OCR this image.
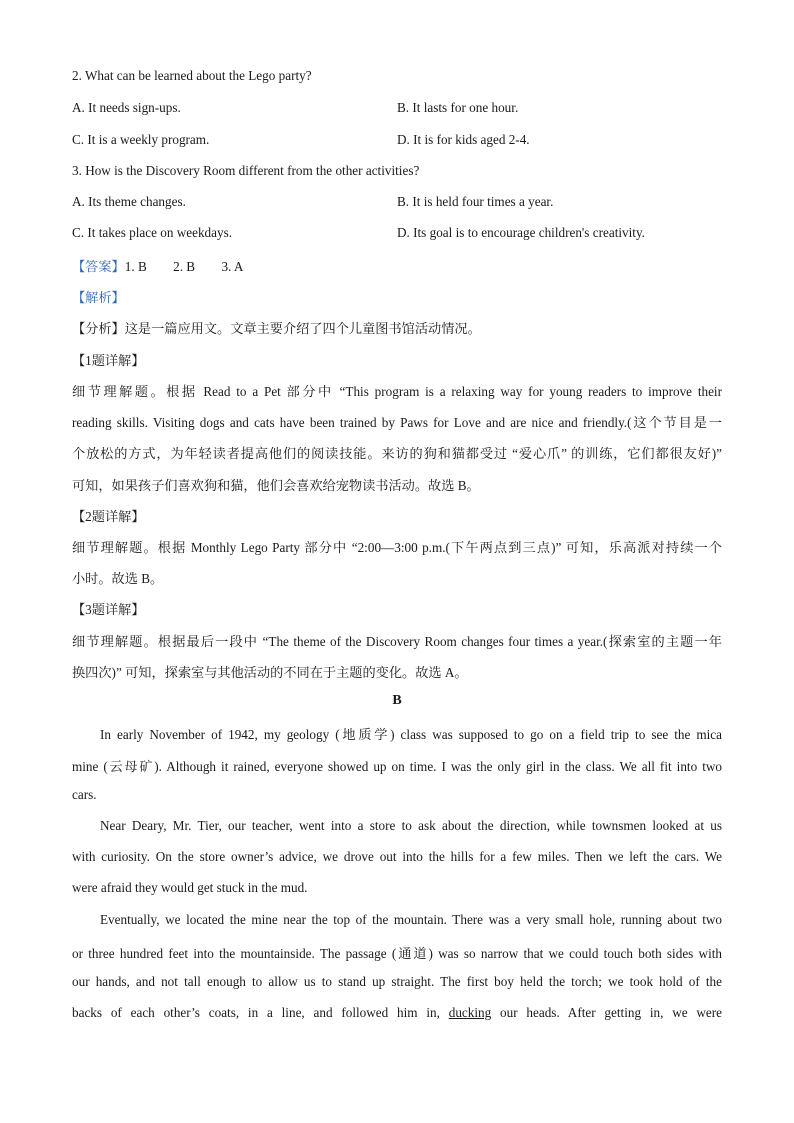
2. What can be learned about the Lego party?
A. It needs sign-ups.	B. It lasts for one hour.
C. It is a weekly program.	D. It is for kids aged 2-4.
3. How is the Discovery Room different from the other activities?
A. Its theme changes.	B. It is held four times a year.
C. It takes place on weekdays.	D. Its goal is to encourage children's creativity.
【答案】1. B        2. B        3. A
【解析】
【分析】这是一篇应用文。文章主要介绍了四个儿童图书馆活动情况。
【1题详解】
细节理解题。根据 Read to a Pet 部分中 “This program is a relaxing way for young readers to improve their
reading skills. Visiting dogs and cats have been trained by Paws for Love and are nice and friendly.(这个节目是一
个放松的方式，为年轻读者提高他们的阅读技能。来访的狗和猫都受过 “爱心爪” 的训练，它们都很友好)”
可知，如果孩子们喜欢狗和猫，他们会喜欢给宠物读书活动。故选 B。
【2题详解】
细节理解题。根据 Monthly Lego Party 部分中 “2:00—3:00 p.m.(下午两点到三点)” 可知，乐高派对持续一个
小时。故选 B。
【3题详解】
细节理解题。根据最后一段中 “The theme of the Discovery Room changes four times a year.(探索室的主题一年
换四次)” 可知，探索室与其他活动的不同在于主题的变化。故选 A。
B
In early November of 1942, my geology (地质学) class was supposed to go on a field trip to see the mica
mine (云母矿). Although it rained, everyone showed up on time. I was the only girl in the class. We all fit into two
cars.
Near Deary, Mr. Tier, our teacher, went into a store to ask about the direction, while townsmen looked at us
with curiosity. On the store owner’s advice, we drove out into the hills for a few miles. Then we left the cars. We
were afraid they would get stuck in the mud.
Eventually, we located the mine near the top of the mountain. There was a very small hole, running about two
or three hundred feet into the mountainside. The passage (通道) was so narrow that we could touch both sides with
our hands, and not tall enough to allow us to stand up straight. The first boy held the torch; we took hold of the
backs of each other’s coats, in a line, and followed him in, ducking our heads. After getting in, we were
